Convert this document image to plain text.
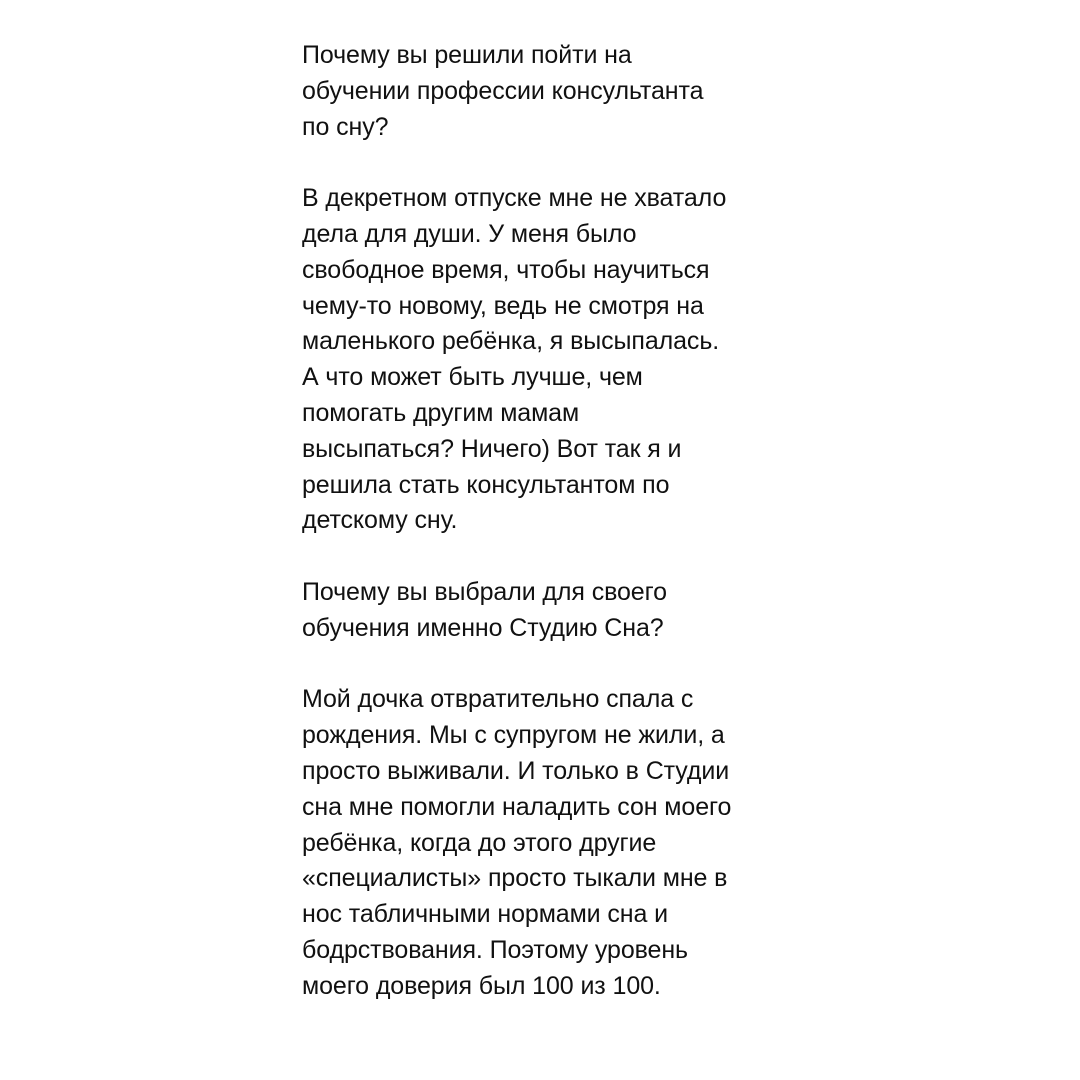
Почему вы решили пойти на
обучении профессии консультанта
по сну?

В декретном отпуске мне не хватало
дела для души. У меня было
свободное время, чтобы научиться
чему-то новому, ведь не смотря на
маленького ребёнка, я высыпалась.
А что может быть лучше, чем
помогать другим мамам
высыпаться? Ничего) Вот так я и
решила стать консультантом по
детскому сну.

Почему вы выбрали для своего
обучения именно Студию Сна?

Мой дочка отвратительно спала с
рождения. Мы с супругом не жили, а
просто выживали. И только в Студии
сна мне помогли наладить сон моего
ребёнка, когда до этого другие
«специалисты» просто тыкали мне в
нос табличными нормами сна и
бодрствования. Поэтому уровень
моего доверия был 100 из 100.
